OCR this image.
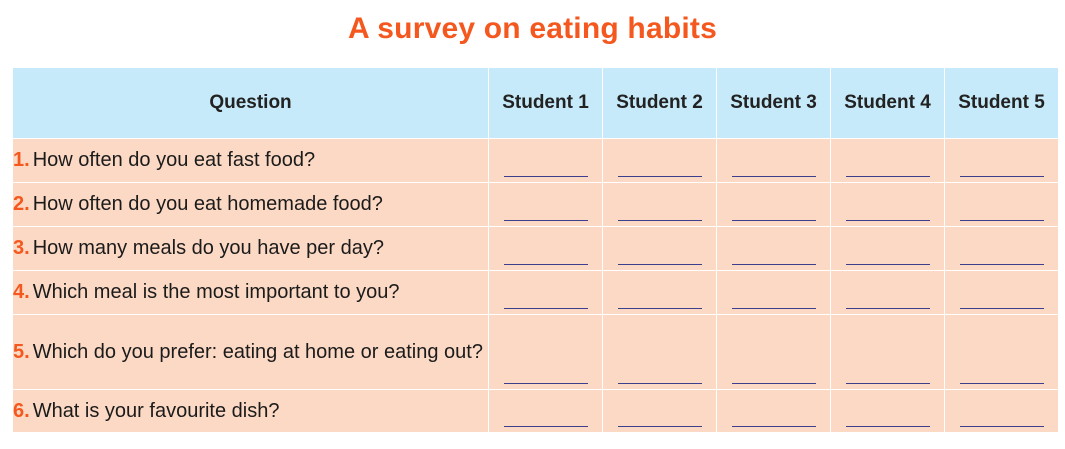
A survey on eating habits
Question	Student 1	Student 2	Student 3	Student 4	Student 5
1. How often do you eat fast food?					
2. How often do you eat homemade food?					
3. How many meals do you have per day?					
4. Which meal is the most important to you?					
5. Which do you prefer: eating at home or eating out?					
6. What is your favourite dish?					
